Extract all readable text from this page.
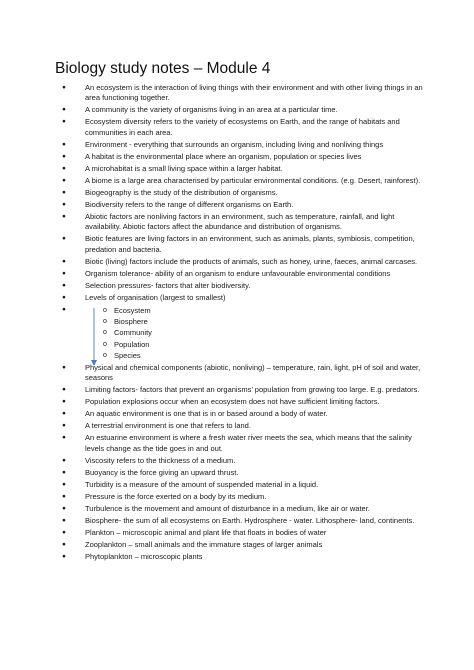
Biology study notes – Module 4
● An ecosystem is the interaction of living things with their environment and with other living things in an area functioning together.
● A community is the variety of organisms living in an area at a particular time.
● Ecosystem diversity refers to the variety of ecosystems on Earth, and the range of habitats and communities in each area.
● Environment - everything that surrounds an organism, including living and nonliving things
● A habitat is the environmental place where an organism, population or species lives
● A microhabitat is a small living space within a larger habitat.
● A biome is a large area characterised by particular environmental conditions. (e.g. Desert, rainforest).
● Biogeography is the study of the distribution of organisms.
● Biodiversity refers to the range of different organisms on Earth.
● Abiotic factors are nonliving factors in an environment, such as temperature, rainfall, and light availability. Abiotic factors affect the abundance and distribution of organisms.
● Biotic features are living factors in an environment, such as animals, plants, symbiosis, competition, predation and bacteria.
● Biotic (living) factors include the products of animals, such as honey, urine, faeces, animal carcases.
● Organism tolerance- ability of an organism to endure unfavourable environmental conditions
● Selection pressures- factors that alter biodiversity.
● Levels of organisation (largest to smallest)
● o Ecosystem
o Biosphere
o Community
o Population
o Species
● Physical and chemical components (abiotic, nonliving) – temperature, rain, light, pH of soil and water, seasons
● Limiting factors- factors that prevent an organisms’ population from growing too large. E.g. predators.
● Population explosions occur when an ecosystem does not have sufficient limiting factors.
● An aquatic environment is one that is in or based around a body of water.
● A terrestrial environment is one that refers to land.
● An estuarine environment is where a fresh water river meets the sea, which means that the salinity levels change as the tide goes in and out.
● Viscosity refers to the thickness of a medium.
● Buoyancy is the force giving an upward thrust.
● Turbidity is a measure of the amount of suspended material in a liquid.
● Pressure is the force exerted on a body by its medium.
● Turbulence is the movement and amount of disturbance in a medium, like air or water.
● Biosphere- the sum of all ecosystems on Earth. Hydrosphere - water. Lithosphere- land, continents.
● Plankton – microscopic animal and plant life that floats in bodies of water
● Zooplankton – small animals and the immature stages of larger animals
● Phytoplankton – microscopic plants
